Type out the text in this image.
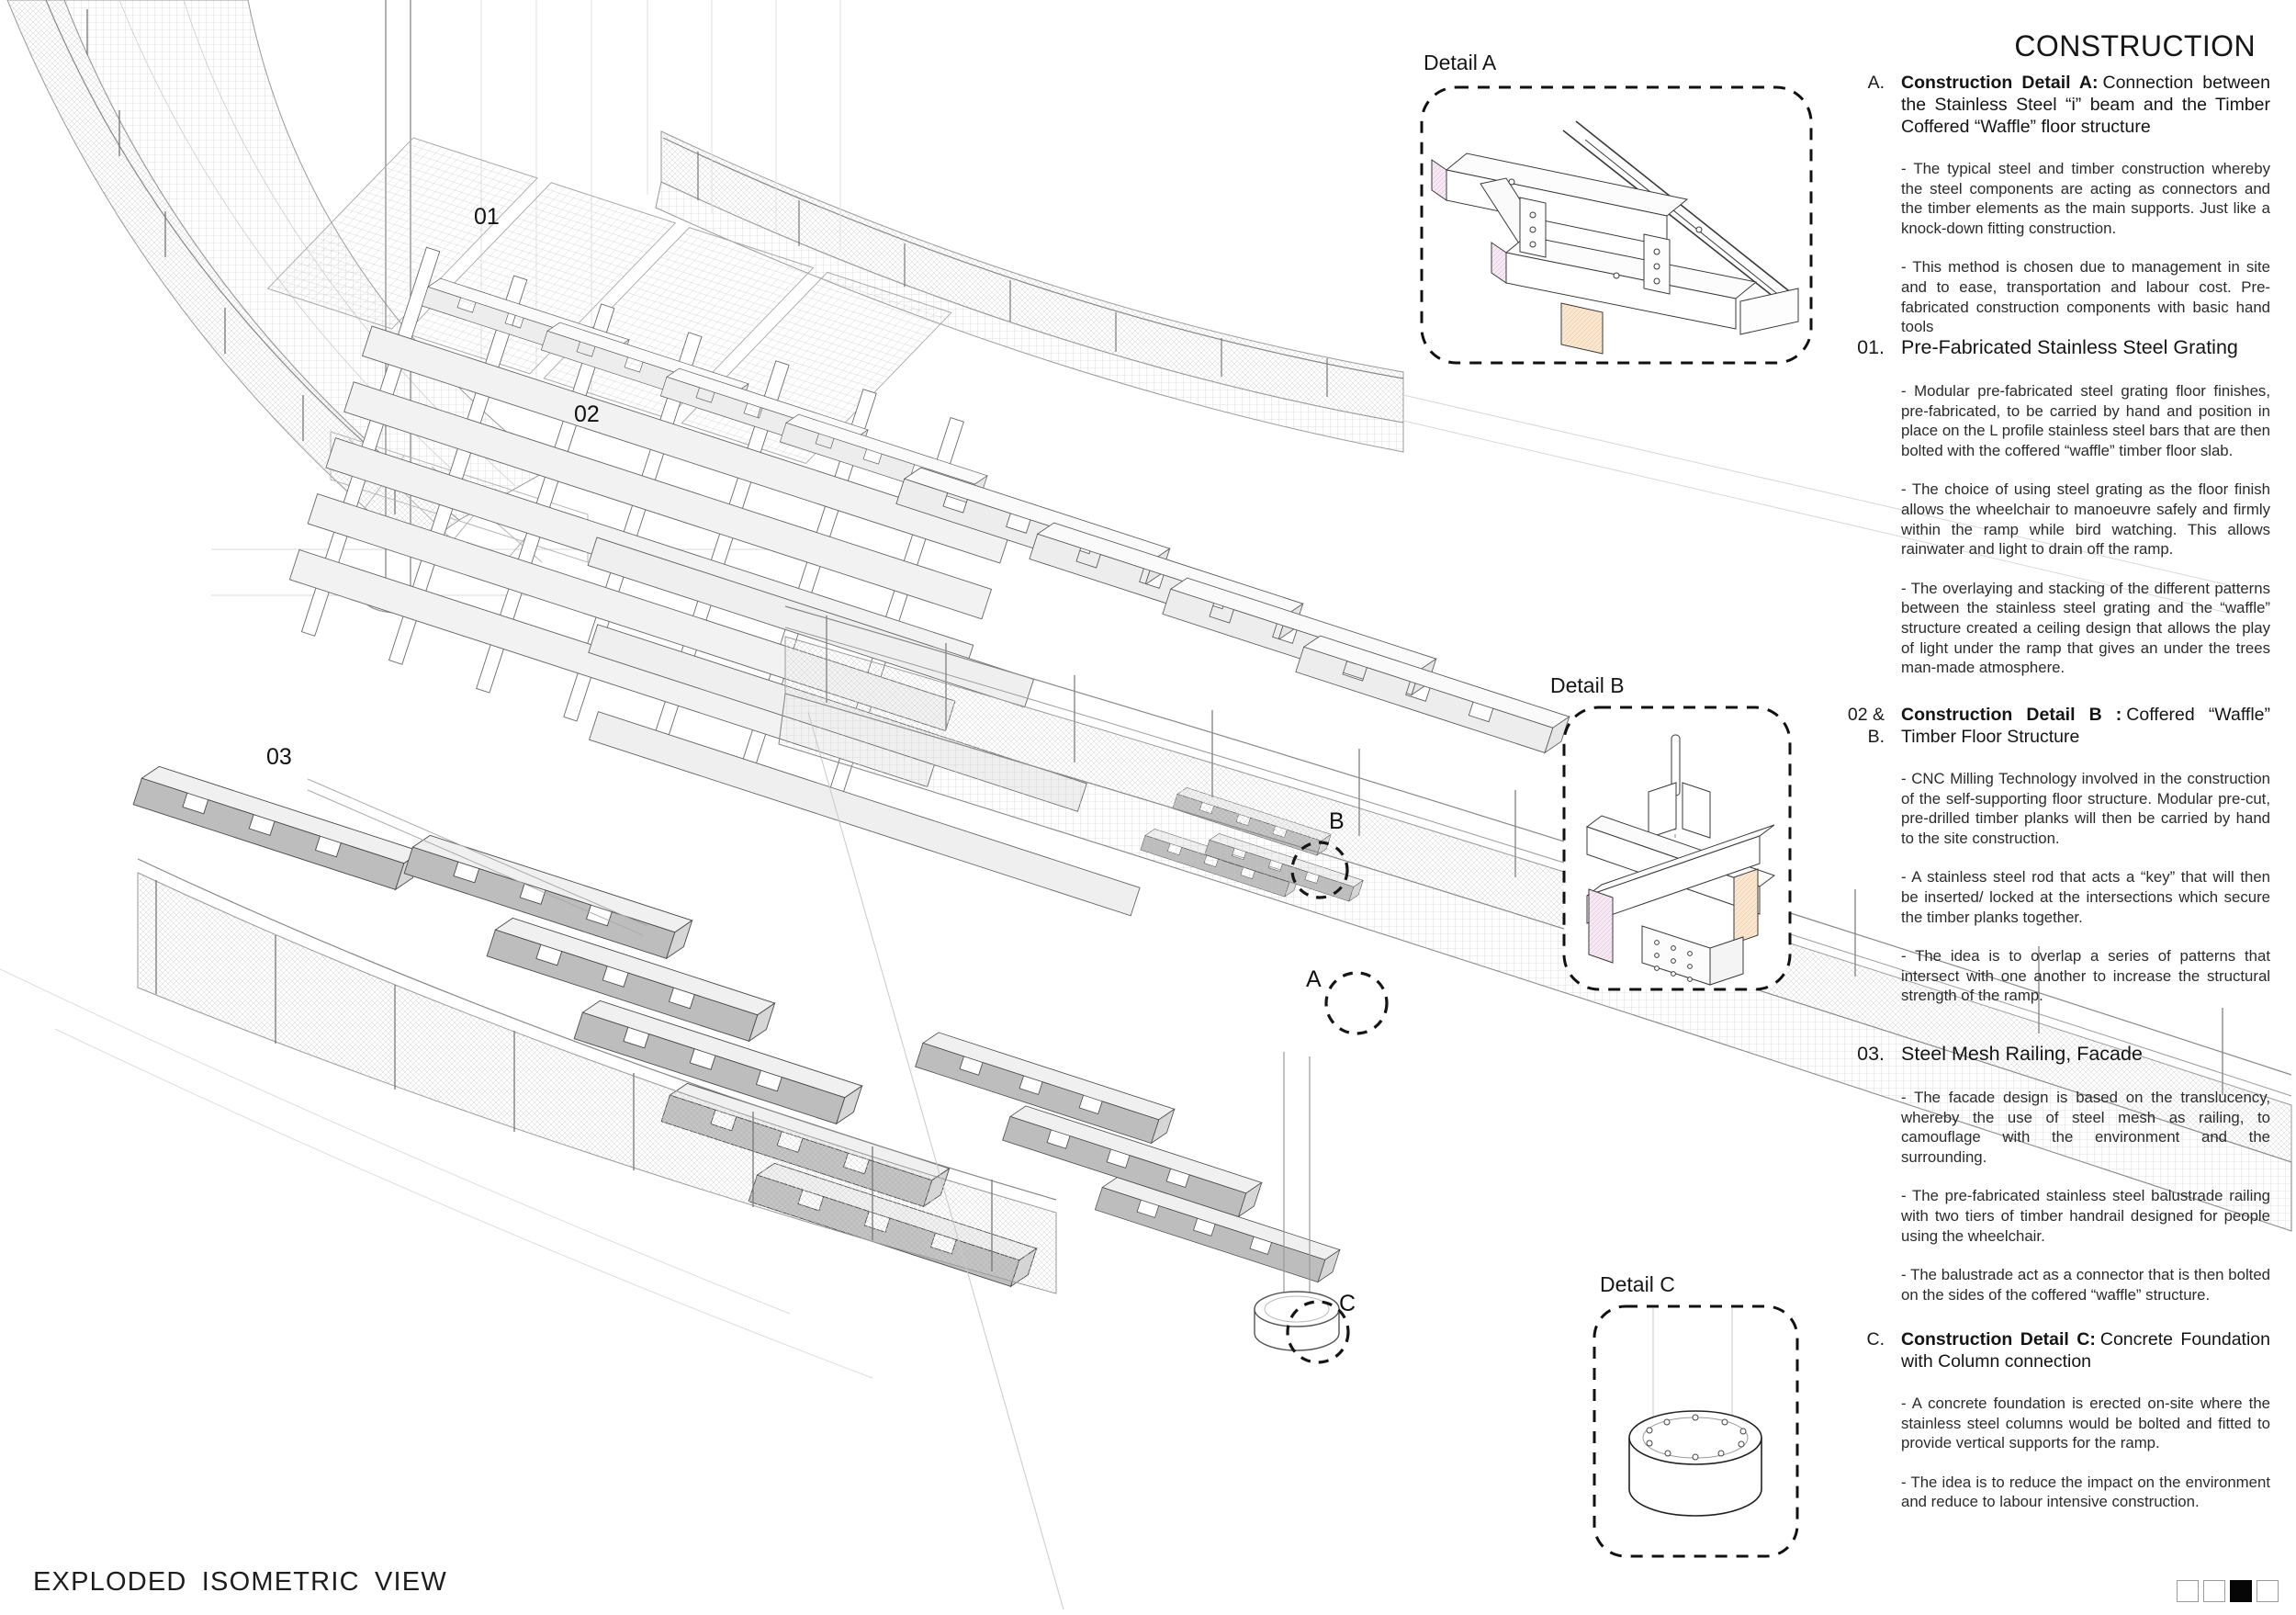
CONSTRUCTION
EXPLODED ISOMETRIC VIEW
Detail A
Detail B
Detail C
01
02
03
B
A
C
A. Construction Detail A: Connection between the Stainless Steel “i” beam and the Timber Coffered “Waffle” floor structure

- The typical steel and timber construction whereby the steel components are acting as connectors and the timber elements as the main supports. Just like a knock-down fitting construction.

- This method is chosen due to management in site and to ease, transportation and labour cost. Pre-fabricated construction components with basic hand tools

01. Pre-Fabricated Stainless Steel Grating

- Modular pre-fabricated steel grating floor finishes, pre-fabricated, to be carried by hand and position in place on the L profile stainless steel bars that are then bolted with the coffered “waffle” timber floor slab.

- The choice of using steel grating as the floor finish allows the wheelchair to manoeuvre safely and firmly within the ramp while bird watching. This allows rainwater and light to drain off the ramp.

- The overlaying and stacking of the different patterns between the stainless steel grating and the “waffle” structure created a ceiling design that allows the play of light under the ramp that gives an under the trees man-made atmosphere.

02 & B.
Construction Detail B : Coffered “Waffle” Timber Floor Structure

- CNC Milling Technology involved in the construction of the self-supporting floor structure. Modular pre-cut, pre-drilled timber planks will then be carried by hand to the site construction.

- A stainless steel rod that acts a “key” that will then be inserted/ locked at the intersections which secure the timber planks together.

- The idea is to overlap a series of patterns that intersect with one another to increase the structural strength of the ramp.

03. Steel Mesh Railing, Facade

- The facade design is based on the translucency, whereby the use of steel mesh as railing, to camouflage with the environment and the surrounding.

- The pre-fabricated stainless steel balustrade railing with two tiers of timber handrail designed for people using the wheelchair.

- The balustrade act as a connector that is then bolted on the sides of the coffered “waffle” structure.

C. Construction Detail C: Concrete Foundation with Column connection

- A concrete foundation is erected on-site where the stainless steel columns would be bolted and fitted to provide vertical supports for the ramp.

- The idea is to reduce the impact on the environment and reduce to labour intensive construction.
